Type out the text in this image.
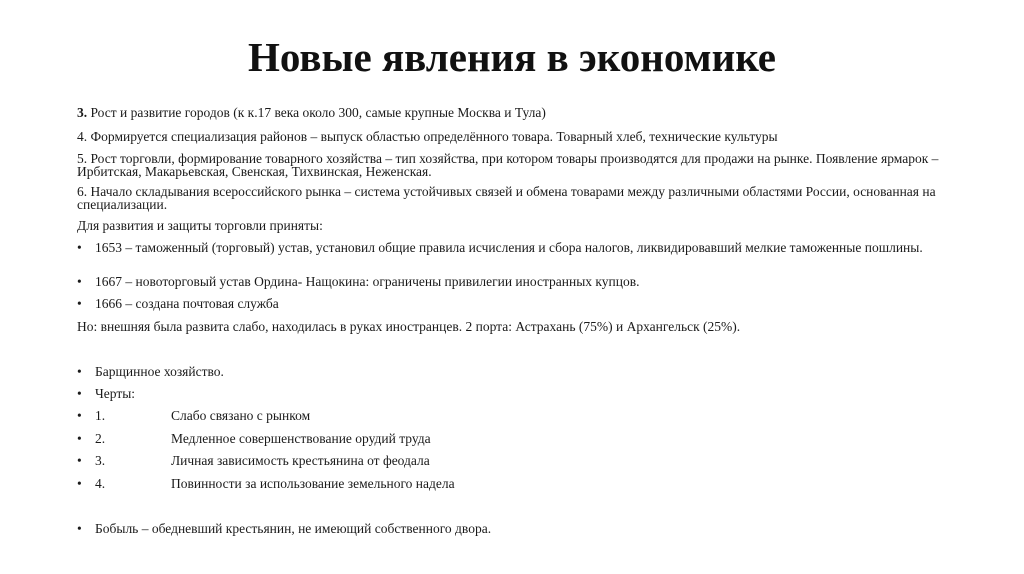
Новые явления в экономике
3. Рост и развитие городов (к к.17 века около 300, самые крупные Москва и Тула)
4. Формируется специализация районов – выпуск областью определённого товара. Товарный хлеб, технические культуры
5. Рост торговли, формирование товарного хозяйства – тип хозяйства, при котором товары производятся для продажи на рынке. Появление ярмарок – Ирбитская, Макарьевская, Свенская, Тихвинская, Неженская.
6. Начало складывания всероссийского рынка – система устойчивых связей и обмена товарами между различными областями России, основанная на специализации.
Для развития и защиты торговли приняты:
• 1653 – таможенный (торговый) устав, установил общие правила исчисления и сбора налогов, ликвидировавший мелкие таможенные пошлины.
• 1667 – новоторговый устав Ордина- Нащокина: ограничены привилегии иностранных купцов.
• 1666 – создана почтовая служба
Но: внешняя была развита слабо, находилась в руках иностранцев. 2 порта: Астрахань (75%) и Архангельск (25%).
• Барщинное хозяйство.
• Черты:
• 1.	Слабо связано с рынком
• 2.	Медленное совершенствование орудий труда
• 3.	Личная зависимость крестьянина от феодала
• 4.	Повинности за использование земельного надела
• Бобыль – обедневший крестьянин, не имеющий собственного двора.
